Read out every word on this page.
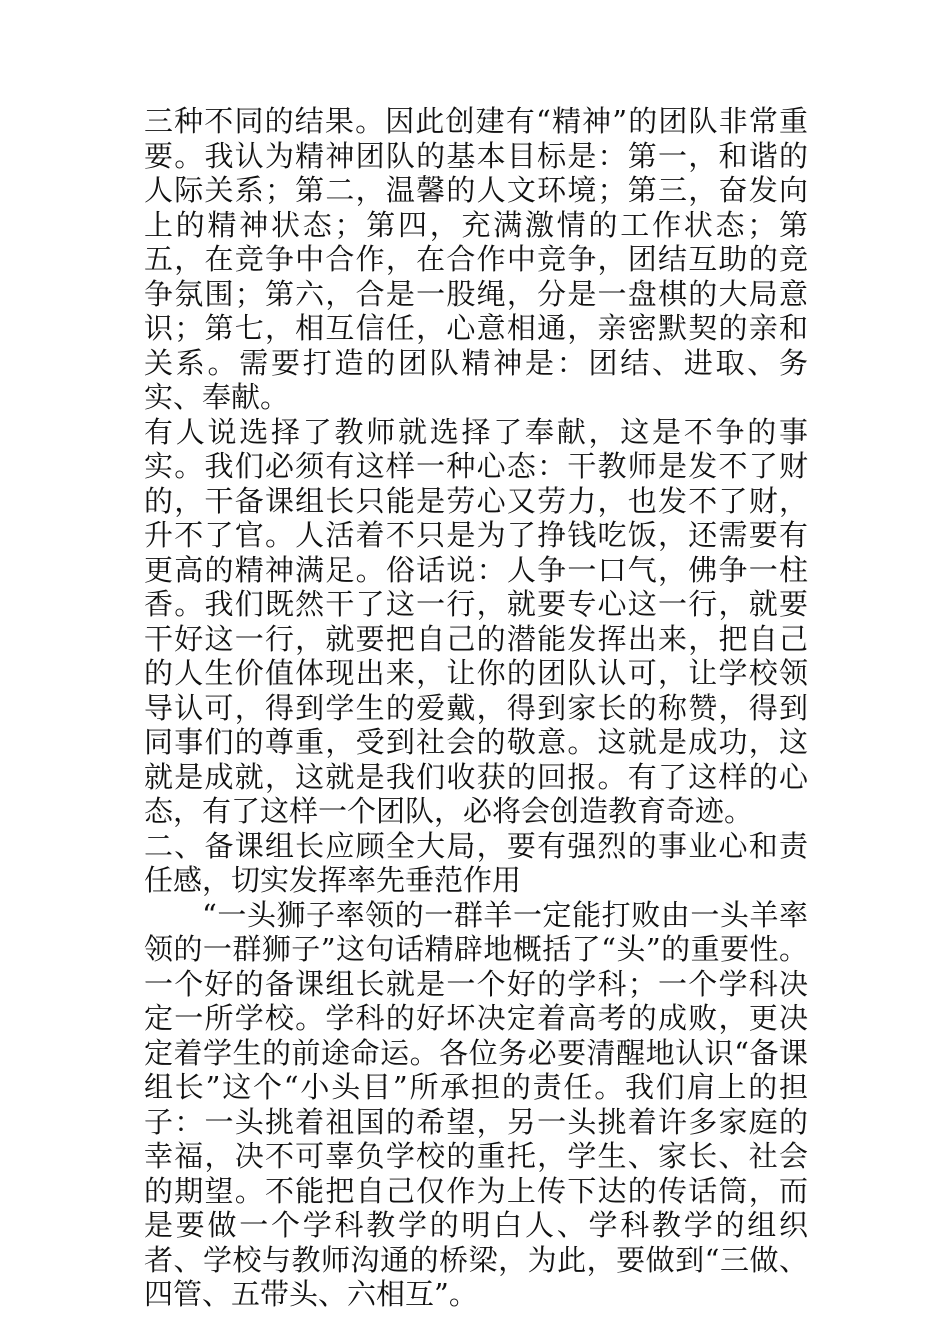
三种不同的结果。因此创建有“精神”的团队非常重要。我认为精神团队的基本目标是：第一，和谐的人际关系；第二，温馨的人文环境；第三，奋发向上的精神状态；第四，充满激情的工作状态；第五，在竞争中合作，在合作中竞争，团结互助的竞争氛围；第六，合是一股绳，分是一盘棋的大局意识；第七，相互信任，心意相通，亲密默契的亲和关系。需要打造的团队精神是：团结、进取、务实、奉献。

有人说选择了教师就选择了奉献，这是不争的事实。我们必须有这样一种心态：干教师是发不了财的，干备课组长只能是劳心又劳力，也发不了财，升不了官。人活着不只是为了挣钱吃饭，还需要有更高的精神满足。俗话说：人争一口气，佛争一柱香。我们既然干了这一行，就要专心这一行，就要干好这一行，就要把自己的潜能发挥出来，把自己的人生价值体现出来，让你的团队认可，让学校领导认可，得到学生的爱戴，得到家长的称赞，得到同事们的尊重，受到社会的敬意。这就是成功，这就是成就，这就是我们收获的回报。有了这样的心态，有了这样一个团队，必将会创造教育奇迹。

二、备课组长应顾全大局，要有强烈的事业心和责任感，切实发挥率先垂范作用

“一头狮子率领的一群羊一定能打败由一头羊率领的一群狮子”这句话精辟地概括了“头”的重要性。一个好的备课组长就是一个好的学科；一个学科决定一所学校。学科的好坏决定着高考的成败，更决定着学生的前途命运。各位务必要清醒地认识“备课组长”这个“小头目”所承担的责任。我们肩上的担子：一头挑着祖国的希望，另一头挑着许多家庭的幸福，决不可辜负学校的重托，学生、家长、社会的期望。不能把自己仅作为上传下达的传话筒，而是要做一个学科教学的明白人、学科教学的组织者、学校与教师沟通的桥梁，为此，要做到“三做、四管、五带头、六相互”。
